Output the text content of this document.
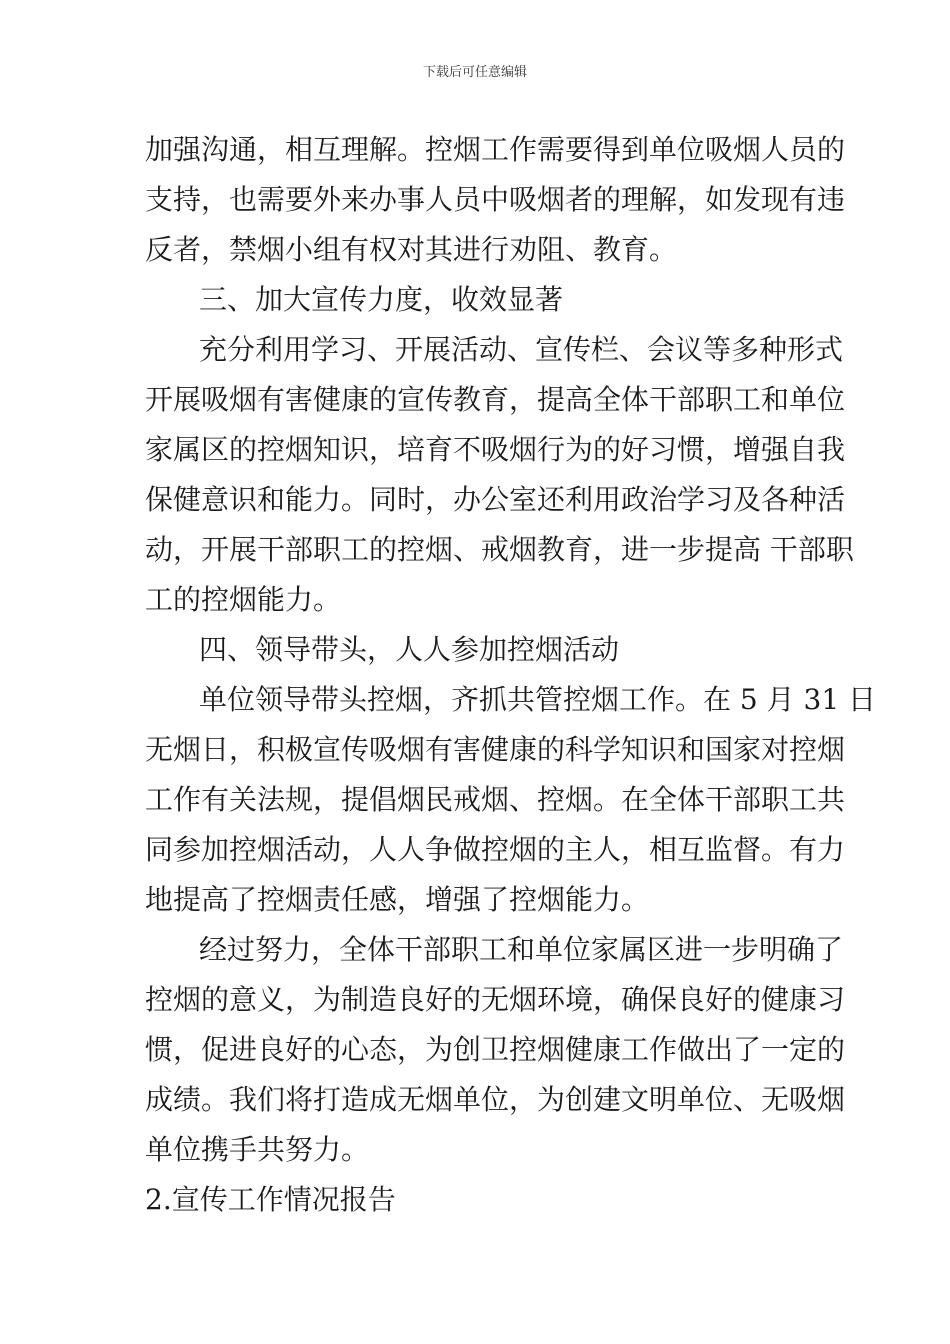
下载后可任意编辑
加强沟通，相互理解。控烟工作需要得到单位吸烟人员的
支持，也需要外来办事人员中吸烟者的理解，如发现有违
反者，禁烟小组有权对其进行劝阻、教育。
三、加大宣传力度，收效显著
充分利用学习、开展活动、宣传栏、会议等多种形式
开展吸烟有害健康的宣传教育，提高全体干部职工和单位
家属区的控烟知识，培育不吸烟行为的好习惯，增强自我
保健意识和能力。同时，办公室还利用政治学习及各种活
动，开展干部职工的控烟、戒烟教育，进一步提高 干部职
工的控烟能力。
四、领导带头，人人参加控烟活动
单位领导带头控烟，齐抓共管控烟工作。在 5 月 31 日
无烟日，积极宣传吸烟有害健康的科学知识和国家对控烟
工作有关法规，提倡烟民戒烟、控烟。在全体干部职工共
同参加控烟活动，人人争做控烟的主人，相互监督。有力
地提高了控烟责任感，增强了控烟能力。
经过努力，全体干部职工和单位家属区进一步明确了
控烟的意义，为制造良好的无烟环境，确保良好的健康习
惯，促进良好的心态，为创卫控烟健康工作做出了一定的
成绩。我们将打造成无烟单位，为创建文明单位、无吸烟
单位携手共努力。
2.宣传工作情况报告
